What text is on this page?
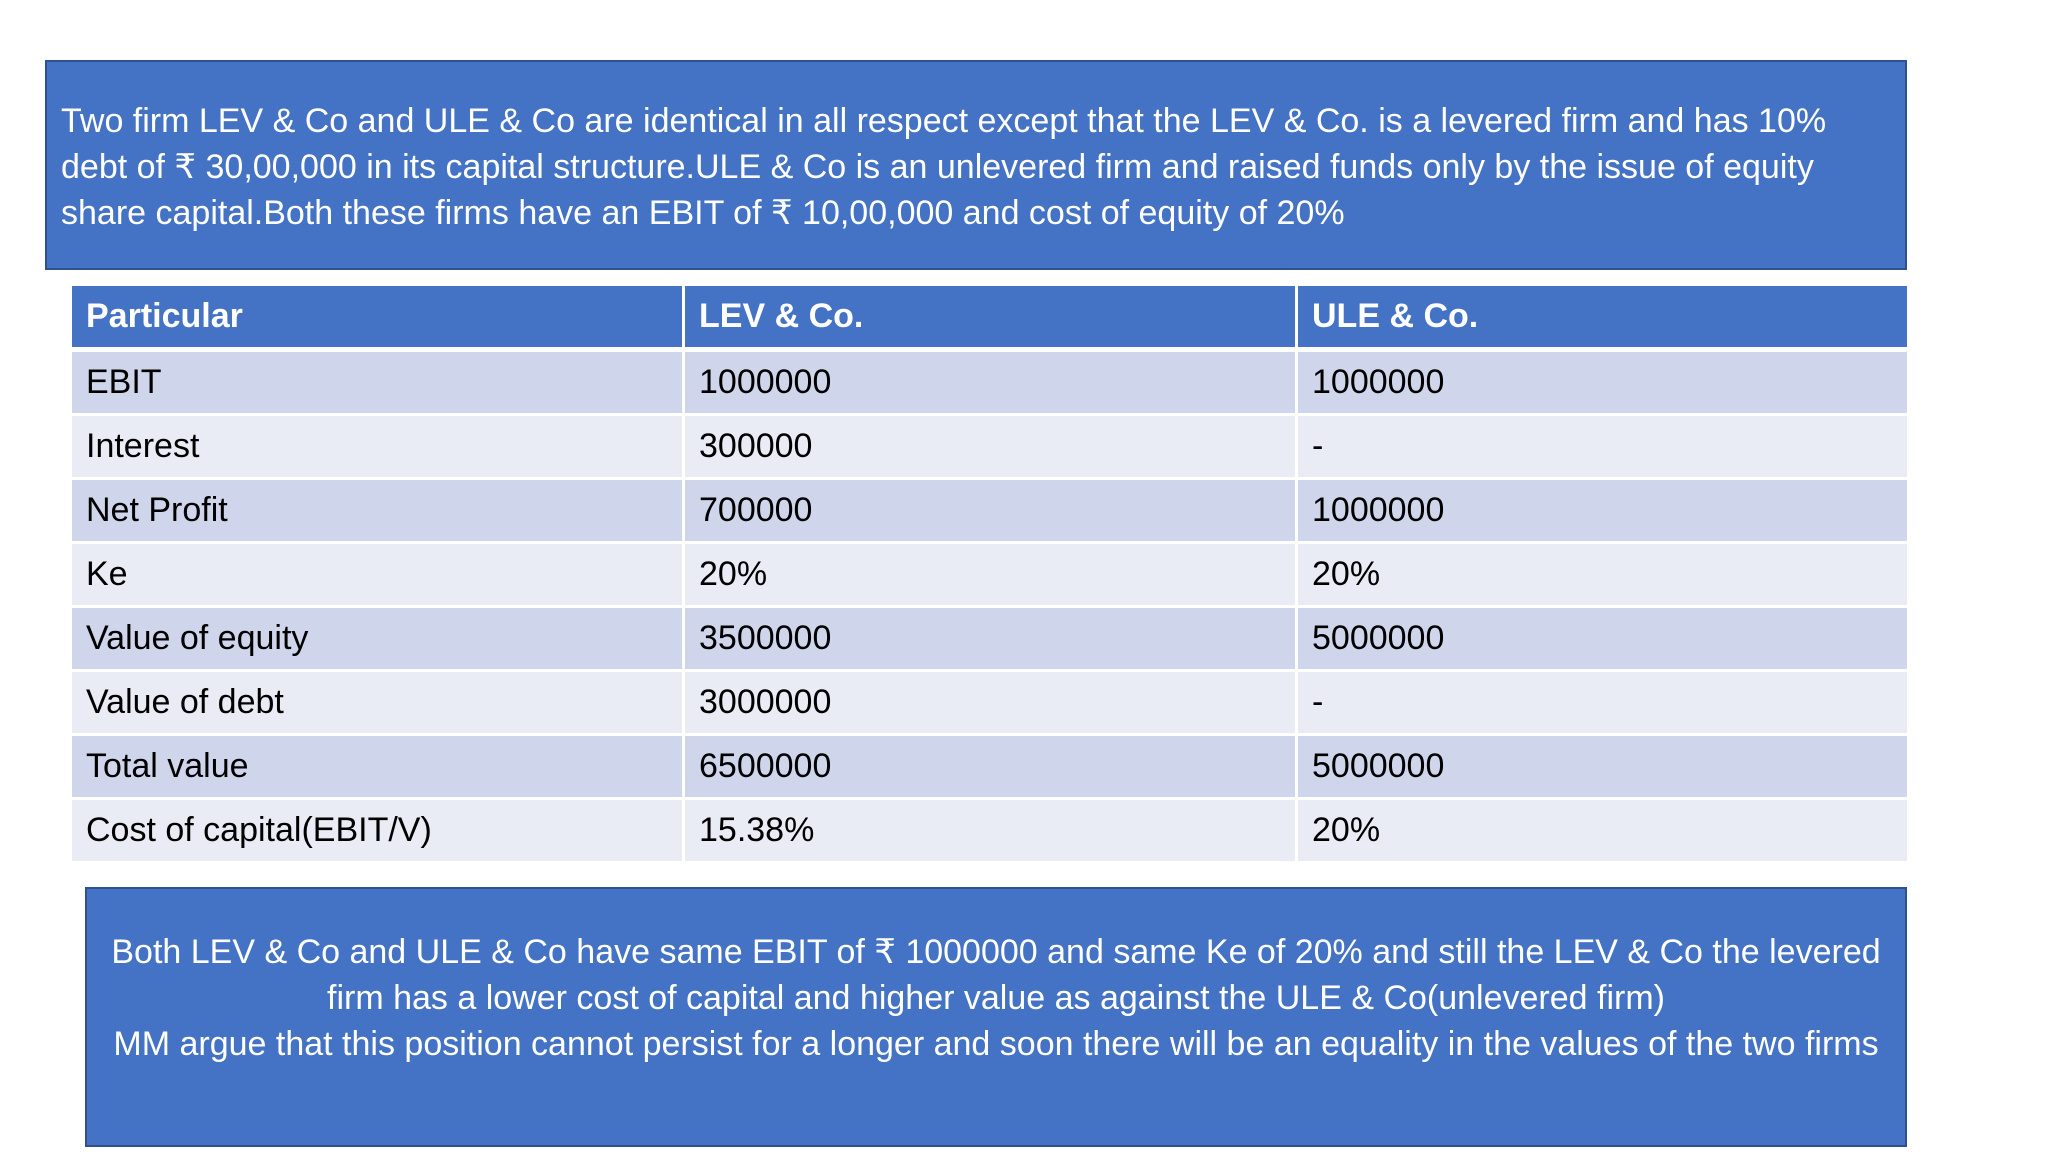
Two firm LEV & Co and ULE & Co are identical in all respect except that the LEV & Co. is a levered firm and has 10% debt of ₹ 30,00,000 in its capital structure.ULE & Co is an unlevered firm and raised funds only by the issue of equity share capital.Both these firms have an EBIT of ₹ 10,00,000 and cost of equity of 20%
Particular	LEV & Co.	ULE & Co.
EBIT	1000000	1000000
Interest	300000	-
Net Profit	700000	1000000
Ke	20%	20%
Value of equity	3500000	5000000
Value of debt	3000000	-
Total value	6500000	5000000
Cost of capital(EBIT/V)	15.38%	20%

Both LEV & Co and ULE & Co have same EBIT of ₹ 1000000 and same Ke of 20% and still the LEV & Co the levered firm has a lower cost of capital and higher value as against the ULE & Co(unlevered firm)

MM argue that this position cannot persist for a longer and soon there will be an equality in the values of the two firms
